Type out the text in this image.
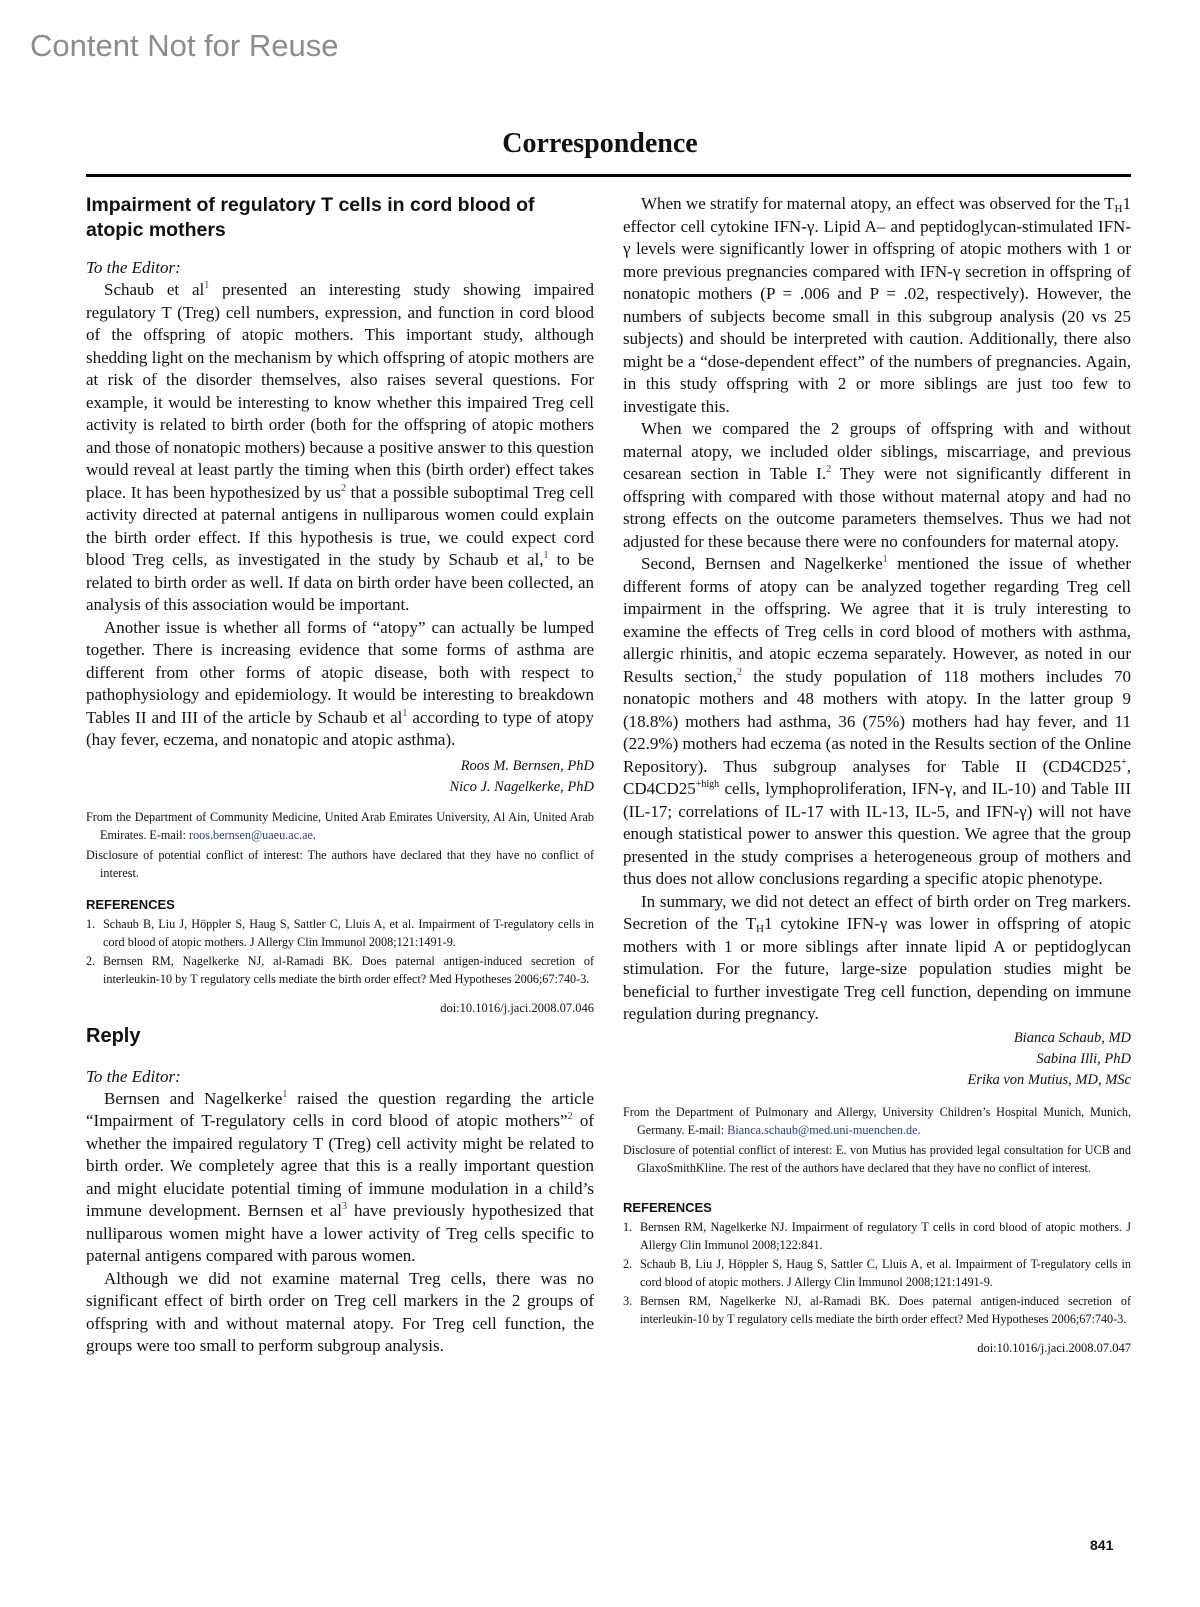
Content Not for Reuse
Correspondence
Impairment of regulatory T cells in cord blood of atopic mothers

To the Editor:

Schaub et $al^1$ presented an interesting study showing impaired regulatory T (Treg) cell numbers, expression, and function in cord blood of the offspring of atopic mothers. This important study, although shedding light on the mechanism by which offspring of atopic mothers are at risk of the disorder themselves, also raises several questions. For example, it would be interesting to know whether this impaired Treg cell activity is related to birth order (both for the offspring of atopic mothers and those of nonatopic mothers) because a positive answer to this question would reveal at least partly the timing when this (birth order) effect takes place. It has been hypothesized by $us^2$ that a possible suboptimal Treg cell activity directed at paternal antigens in nulliparous women could explain the birth order effect. If this hypothesis is true, we could expect cord blood Treg cells, as investigated in the study by Schaub et al,$^1$ to be related to birth order as well. If data on birth order have been collected, an analysis of this association would be important.

Another issue is whether all forms of “atopy” can actually be lumped together. There is increasing evidence that some forms of asthma are different from other forms of atopic disease, both with respect to pathophysiology and epidemiology. It would be interesting to breakdown Tables II and III of the article by Schaub et $al^1$ according to type of atopy (hay fever, eczema, and nonatopic and atopic asthma).

Roos M. Bernsen, PhD

Nico J. Nagelkerke, PhD

From the Department of Community Medicine, United Arab Emirates University, Al Ain, United Arab Emirates. E-mail: roos.bernsen@uaeu.ac.ae.

Disclosure of potential conflict of interest: The authors have declared that they have no conflict of interest.

REFERENCES

1. Schaub B, Liu J, Höppler S, Haug S, Sattler C, Lluis A, et al. Impairment of T-regulatory cells in cord blood of atopic mothers. J Allergy Clin Immunol 2008;121:1491-9.

2. Bernsen RM, Nagelkerke NJ, al-Ramadi BK. Does paternal antigen-induced secretion of interleukin-10 by T regulatory cells mediate the birth order effect? Med Hypotheses 2006;67:740-3.

doi:10.1016/j.jaci.2008.07.046

Reply

To the Editor:

Bernsen and Nagelkerke$^1$ raised the question regarding the article “Impairment of T-regulatory cells in cord blood of atopic mothers”$^2$ of whether the impaired regulatory T (Treg) cell activity might be related to birth order. We completely agree that this is a really important question and might elucidate potential timing of immune modulation in a child’s immune development. Bernsen et $al^3$ have previously hypothesized that nulliparous women might have a lower activity of Treg cells specific to paternal antigens compared with parous women.

Although we did not examine maternal Treg cells, there was no significant effect of birth order on Treg cell markers in the 2 groups of offspring with and without maternal atopy. For Treg cell function, the groups were too small to perform subgroup analysis.

When we stratify for maternal atopy, an effect was observed for the $T_H1$ effector cell cytokine IFN-γ. Lipid A– and peptidoglycan-stimulated IFN-γ levels were significantly lower in offspring of atopic mothers with 1 or more previous pregnancies compared with IFN-γ secretion in offspring of nonatopic mothers (P = .006 and P = .02, respectively). However, the numbers of subjects become small in this subgroup analysis (20 vs 25 subjects) and should be interpreted with caution. Additionally, there also might be a “dose-dependent effect” of the numbers of pregnancies. Again, in this study offspring with 2 or more siblings are just too few to investigate this.

When we compared the 2 groups of offspring with and without maternal atopy, we included older siblings, miscarriage, and previous cesarean section in Table I.$^2$ They were not significantly different in offspring with compared with those without maternal atopy and had no strong effects on the outcome parameters themselves. Thus we had not adjusted for these because there were no confounders for maternal atopy.

Second, Bernsen and Nagelkerke$^1$ mentioned the issue of whether different forms of atopy can be analyzed together regarding Treg cell impairment in the offspring. We agree that it is truly interesting to examine the effects of Treg cells in cord blood of mothers with asthma, allergic rhinitis, and atopic eczema separately. However, as noted in our Results section,$^2$ the study population of 118 mothers includes 70 nonatopic mothers and 48 mothers with atopy. In the latter group 9 (18.8%) mothers had asthma, 36 (75%) mothers had hay fever, and 11 (22.9%) mothers had eczema (as noted in the Results section of the Online Repository). Thus subgroup analyses for Table II (CD4CD25+, $CD4CD25^{+high}$ cells, lymphoproliferation, IFN-γ, and IL-10) and Table III (IL-17; correlations of IL-17 with IL-13, IL-5, and IFN-γ) will not have enough statistical power to answer this question. We agree that the group presented in the study comprises a heterogeneous group of mothers and thus does not allow conclusions regarding a specific atopic phenotype.

In summary, we did not detect an effect of birth order on Treg markers. Secretion of the $T_H1$ cytokine IFN-γ was lower in offspring of atopic mothers with 1 or more siblings after innate lipid A or peptidoglycan stimulation. For the future, large-size population studies might be beneficial to further investigate Treg cell function, depending on immune regulation during pregnancy.

Bianca Schaub, MD

Sabina Illi, PhD

Erika von Mutius, MD, MSc

From the Department of Pulmonary and Allergy, University Children’s Hospital Munich, Munich, Germany. E-mail: Bianca.schaub@med.uni-muenchen.de.

Disclosure of potential conflict of interest: E. von Mutius has provided legal consultation for UCB and GlaxoSmithKline. The rest of the authors have declared that they have no conflict of interest.

REFERENCES

1. Bernsen RM, Nagelkerke NJ. Impairment of regulatory T cells in cord blood of atopic mothers. J Allergy Clin Immunol 2008;122:841.

2. Schaub B, Liu J, Höppler S, Haug S, Sattler C, Lluis A, et al. Impairment of T-regulatory cells in cord blood of atopic mothers. J Allergy Clin Immunol 2008;121:1491-9.

3. Bernsen RM, Nagelkerke NJ, al-Ramadi BK. Does paternal antigen-induced secretion of interleukin-10 by T regulatory cells mediate the birth order effect? Med Hypotheses 2006;67:740-3.

doi:10.1016/j.jaci.2008.07.047

841
